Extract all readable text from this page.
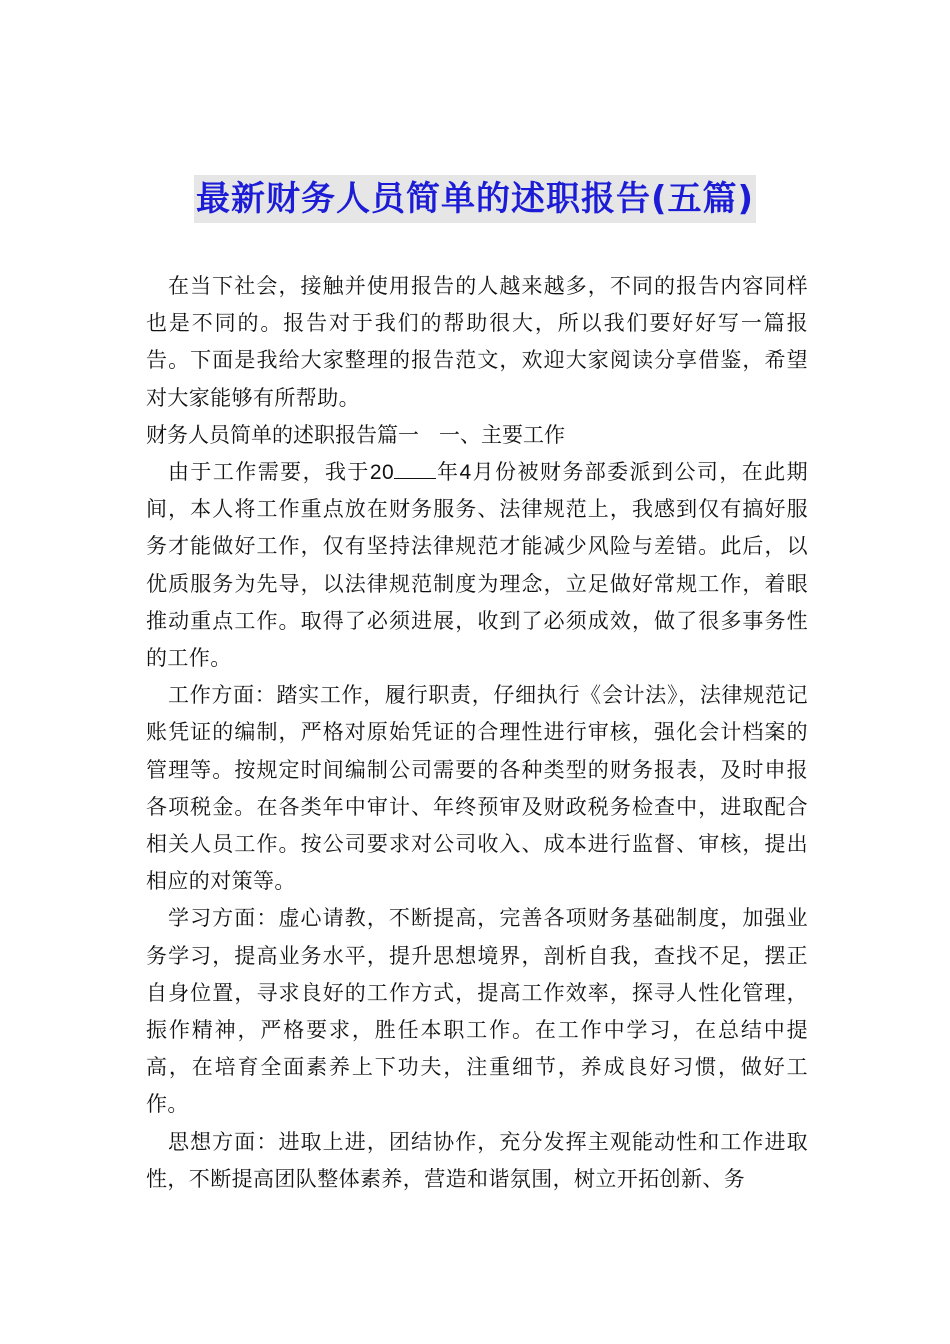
最新财务人员简单的述职报告(五篇)

在当下社会，接触并使用报告的人越来越多，不同的报告内容同样也是不同的。报告对于我们的帮助很大，所以我们要好好写一篇报告。下面是我给大家整理的报告范文，欢迎大家阅读分享借鉴，希望对大家能够有所帮助。

财务人员简单的述职报告篇一 一、主要工作

由于工作需要，我于20 年4月份被财务部委派到公司，在此期间，本人将工作重点放在财务服务、法律规范上，我感到仅有搞好服务才能做好工作，仅有坚持法律规范才能减少风险与差错。此后，以优质服务为先导，以法律规范制度为理念，立足做好常规工作，着眼推动重点工作。取得了必须进展，收到了必须成效，做了很多事务性的工作。

工作方面：踏实工作，履行职责，仔细执行《会计法》，法律规范记账凭证的编制，严格对原始凭证的合理性进行审核，强化会计档案的管理等。按规定时间编制公司需要的各种类型的财务报表，及时申报各项税金。在各类年中审计、年终预审及财政税务检查中，进取配合相关人员工作。按公司要求对公司收入、成本进行监督、审核，提出相应的对策等。

学习方面：虚心请教，不断提高，完善各项财务基础制度，加强业务学习，提高业务水平，提升思想境界，剖析自我，查找不足，摆正自身位置，寻求良好的工作方式，提高工作效率，探寻人性化管理，振作精神，严格要求，胜任本职工作。在工作中学习，在总结中提高，在培育全面素养上下功夫，注重细节，养成良好习惯，做好工作。

思想方面：进取上进，团结协作，充分发挥主观能动性和工作进取性，不断提高团队整体素养，营造和谐氛围，树立开拓创新、务
